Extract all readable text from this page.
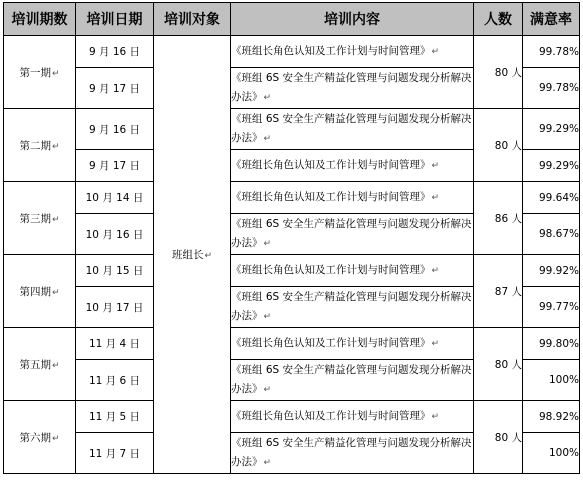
培训期数	培训日期	培训对象	培训内容	人数	满意率
第一期↵	9 月 16 日	班组长↵	《班组长角色认知及工作计划与时间管理》↵	80 人	99.78%
	9 月 17 日		《班组 6S 安全生产精益化管理与问题发现分析解决办法》↵		99.78%
第二期↵	9 月 16 日		《班组 6S 安全生产精益化管理与问题发现分析解决办法》↵	80 人	99.29%
	9 月 17 日		《班组长角色认知及工作计划与时间管理》↵		99.29%
第三期↵	10 月 14 日		《班组长角色认知及工作计划与时间管理》↵	86 人	99.64%
	10 月 16 日		《班组 6S 安全生产精益化管理与问题发现分析解决办法》↵		98.67%
第四期↵	10 月 15 日		《班组长角色认知及工作计划与时间管理》↵	87 人	99.92%
	10 月 17 日		《班组 6S 安全生产精益化管理与问题发现分析解决办法》↵		99.77%
第五期↵	11 月 4 日		《班组长角色认知及工作计划与时间管理》↵	80 人	99.80%
	11 月 6 日		《班组 6S 安全生产精益化管理与问题发现分析解决办法》↵		100%
第六期↵	11 月 5 日		《班组长角色认知及工作计划与时间管理》↵	80 人	98.92%
	11 月 7 日		《班组 6S 安全生产精益化管理与问题发现分析解决办法》↵		100%
